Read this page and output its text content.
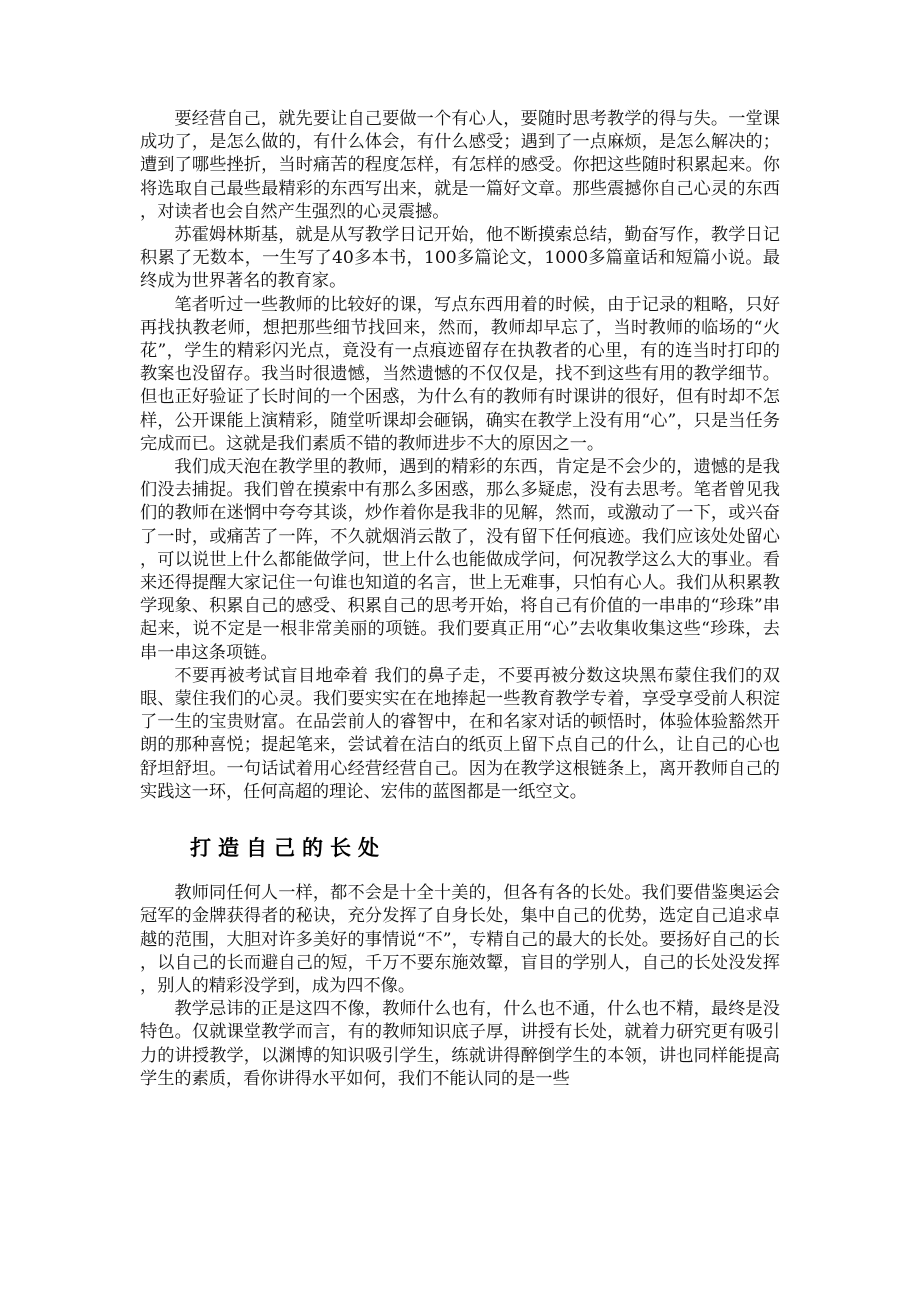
要经营自己，就先要让自己要做一个有心人，要随时思考教学的得与失。一堂课成功了，是怎么做的，有什么体会，有什么感受；遇到了一点麻烦，是怎么解决的；遭到了哪些挫折，当时痛苦的程度怎样，有怎样的感受。你把这些随时积累起来。你将选取自己最些最精彩的东西写出来，就是一篇好文章。那些震撼你自己心灵的东西，对读者也会自然产生强烈的心灵震撼。

苏霍姆林斯基，就是从写教学日记开始，他不断摸索总结，勤奋写作，教学日记积累了无数本，一生写了40多本书，100多篇论文，1000多篇童话和短篇小说。最终成为世界著名的教育家。

笔者听过一些教师的比较好的课，写点东西用着的时候，由于记录的粗略，只好再找执教老师，想把那些细节找回来，然而，教师却早忘了，当时教师的临场的“火花”，学生的精彩闪光点，竟没有一点痕迹留存在执教者的心里，有的连当时打印的教案也没留存。我当时很遗憾，当然遗憾的不仅仅是，找不到这些有用的教学细节。但也正好验证了长时间的一个困惑，为什么有的教师有时课讲的很好，但有时却不怎样，公开课能上演精彩，随堂听课却会砸锅，确实在教学上没有用“心”，只是当任务完成而已。这就是我们素质不错的教师进步不大的原因之一。

我们成天泡在教学里的教师，遇到的精彩的东西，肯定是不会少的，遗憾的是我们没去捕捉。我们曾在摸索中有那么多困惑，那么多疑虑，没有去思考。笔者曾见我们的教师在迷惘中夸夸其谈，炒作着你是我非的见解，然而，或激动了一下，或兴奋了一时，或痛苦了一阵，不久就烟消云散了，没有留下任何痕迹。我们应该处处留心，可以说世上什么都能做学问，世上什么也能做成学问，何况教学这么大的事业。看来还得提醒大家记住一句谁也知道的名言，世上无难事，只怕有心人。我们从积累教学现象、积累自己的感受、积累自己的思考开始，将自己有价值的一串串的“珍珠”串起来，说不定是一根非常美丽的项链。我们要真正用“心”去收集收集这些“珍珠，去串一串这条项链。

不要再被考试盲目地牵着 我们的鼻子走，不要再被分数这块黑布蒙住我们的双眼、蒙住我们的心灵。我们要实实在在地捧起一些教育教学专着，享受享受前人积淀了一生的宝贵财富。在品尝前人的睿智中，在和名家对话的顿悟时，体验体验豁然开朗的那种喜悦；提起笔来，尝试着在洁白的纸页上留下点自己的什么，让自己的心也舒坦舒坦。一句话试着用心经营经营自己。因为在教学这根链条上，离开教师自己的实践这一环，任何高超的理论、宏伟的蓝图都是一纸空文。

打造自己的长处

教师同任何人一样，都不会是十全十美的，但各有各的长处。我们要借鉴奥运会冠军的金牌获得者的秘诀，充分发挥了自身长处，集中自己的优势，选定自己追求卓越的范围，大胆对许多美好的事情说“不”，专精自己的最大的长处。要扬好自己的长，以自己的长而避自己的短，千万不要东施效颦，盲目的学别人，自己的长处没发挥，别人的精彩没学到，成为四不像。

教学忌讳的正是这四不像，教师什么也有，什么也不通，什么也不精，最终是没特色。仅就课堂教学而言，有的教师知识底子厚，讲授有长处，就着力研究更有吸引力的讲授教学，以渊博的知识吸引学生，练就讲得醉倒学生的本领，讲也同样能提高学生的素质，看你讲得水平如何，我们不能认同的是一些
